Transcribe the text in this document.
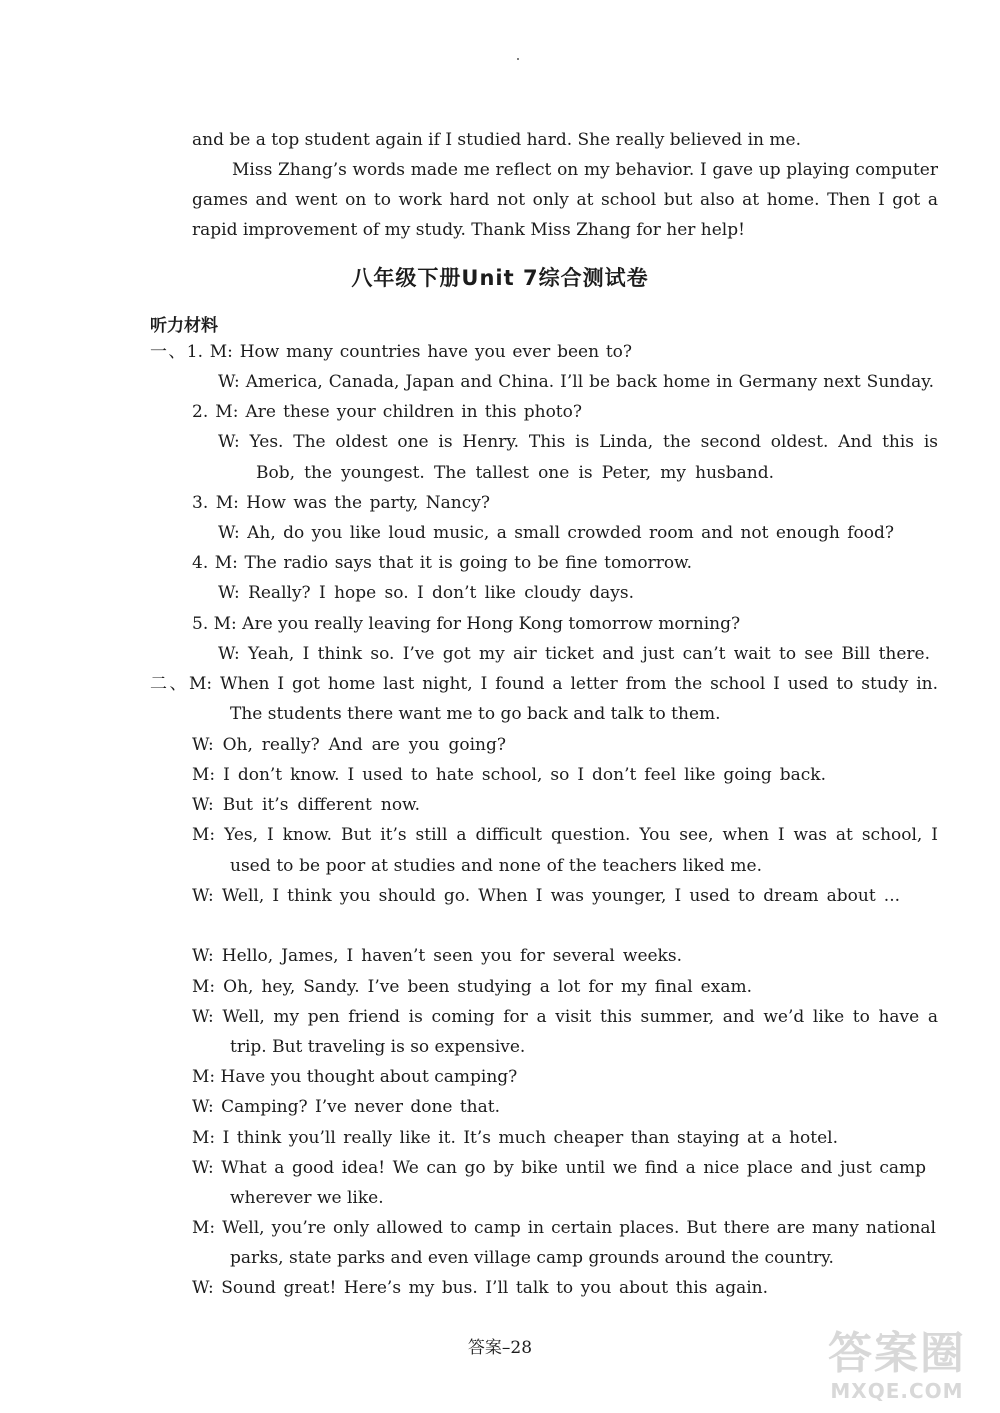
and be a top student again if I studied hard. She really believed in me.
Miss Zhang’s words made me reflect on my behavior. I gave up playing computer
games and went on to work hard not only at school but also at home. Then I got a
rapid improvement of my study. Thank Miss Zhang for her help!
八年级下册Unit 7综合测试卷
听力材料
一、1. M: How many countries have you ever been to?
W: America, Canada, Japan and China. I’ll be back home in Germany next Sunday.
2. M: Are these your children in this photo?
W: Yes. The oldest one is Henry. This is Linda, the second oldest. And this is
Bob, the youngest. The tallest one is Peter, my husband.
3. M: How was the party, Nancy?
W: Ah, do you like loud music, a small crowded room and not enough food?
4. M: The radio says that it is going to be fine tomorrow.
W: Really? I hope so. I don’t like cloudy days.
5. M: Are you really leaving for Hong Kong tomorrow morning?
W: Yeah, I think so. I’ve got my air ticket and just can’t wait to see Bill there.
二、M: When I got home last night, I found a letter from the school I used to study in.
The students there want me to go back and talk to them.
W: Oh, really? And are you going?
M: I don’t know. I used to hate school, so I don’t feel like going back.
W: But it’s different now.
M: Yes, I know. But it’s still a difficult question. You see, when I was at school, I
used to be poor at studies and none of the teachers liked me.
W: Well, I think you should go. When I was younger, I used to dream about ...
W: Hello, James, I haven’t seen you for several weeks.
M: Oh, hey, Sandy. I’ve been studying a lot for my final exam.
W: Well, my pen friend is coming for a visit this summer, and we’d like to have a
trip. But traveling is so expensive.
M: Have you thought about camping?
W: Camping? I’ve never done that.
M: I think you’ll really like it. It’s much cheaper than staying at a hotel.
W: What a good idea! We can go by bike until we find a nice place and just camp
wherever we like.
M: Well, you’re only allowed to camp in certain places. But there are many national
parks, state parks and even village camp grounds around the country.
W: Sound great! Here’s my bus. I’ll talk to you about this again.
答案–28	答案圈
MXQE.COM
